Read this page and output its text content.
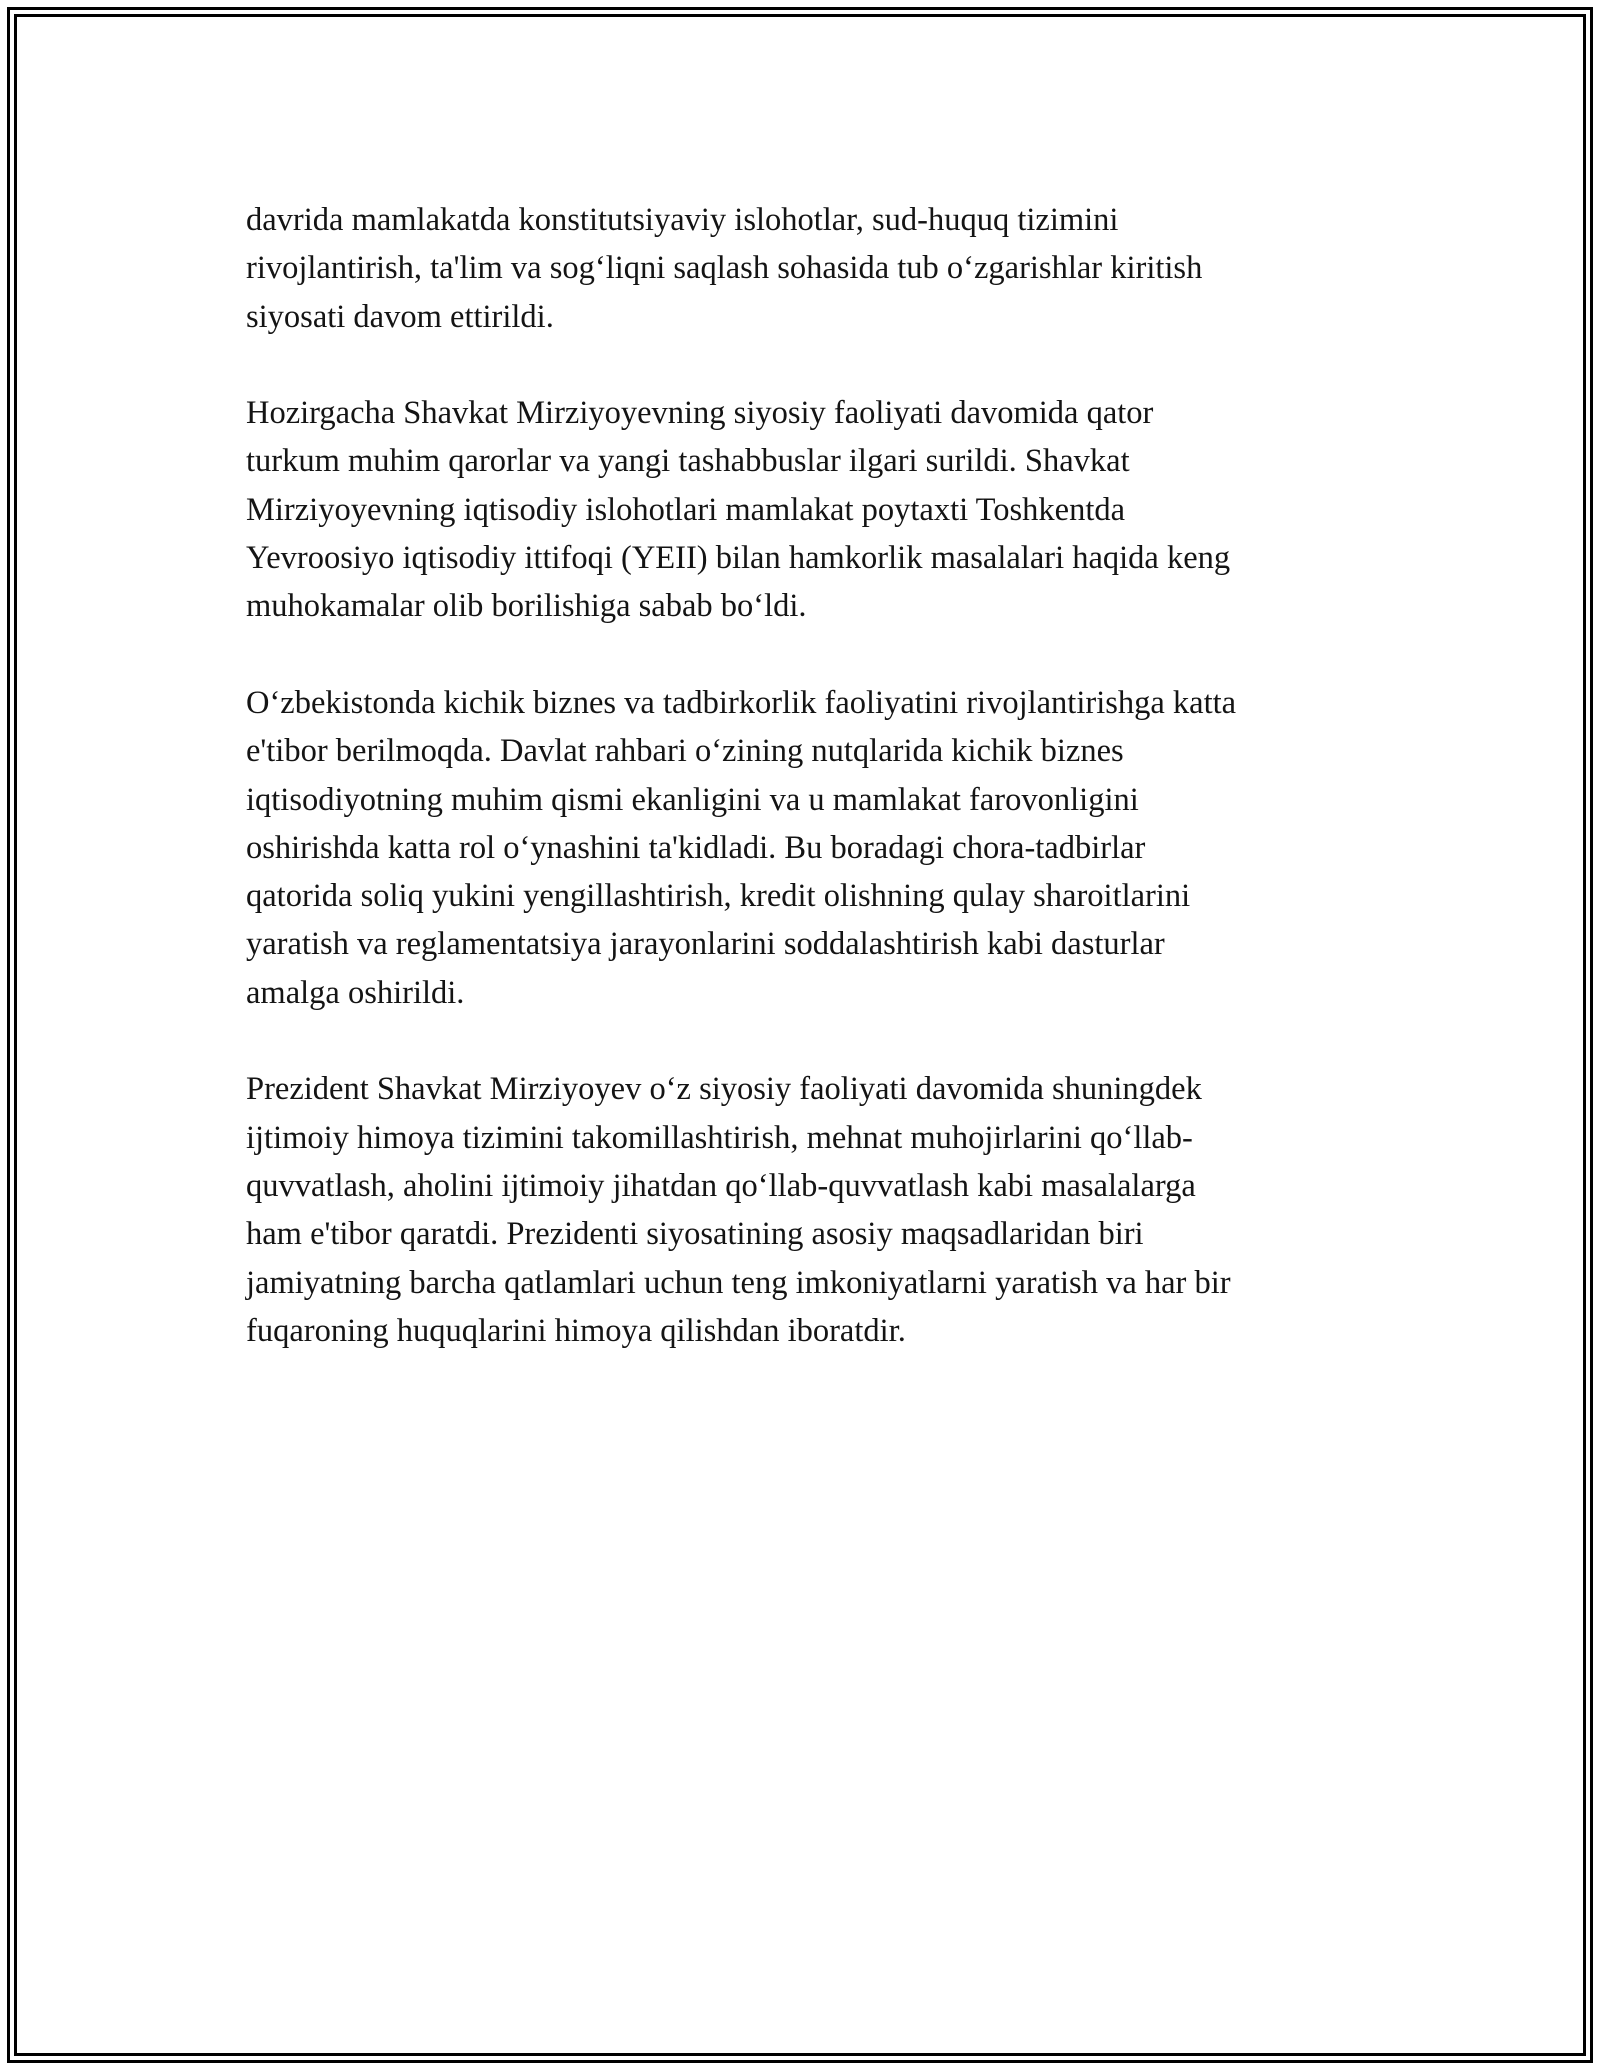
davrida mamlakatda konstitutsiyaviy islohotlar, sud-huquq tizimini
rivojlantirish, ta'lim va sog‘liqni saqlash sohasida tub o‘zgarishlar kiritish
siyosati davom ettirildi.

Hozirgacha Shavkat Mirziyoyevning siyosiy faoliyati davomida qator
turkum muhim qarorlar va yangi tashabbuslar ilgari surildi. Shavkat
Mirziyoyevning iqtisodiy islohotlari mamlakat poytaxti Toshkentda
Yevroosiyo iqtisodiy ittifoqi (YEII) bilan hamkorlik masalalari haqida keng
muhokamalar olib borilishiga sabab bo‘ldi.

O‘zbekistonda kichik biznes va tadbirkorlik faoliyatini rivojlantirishga katta
e'tibor berilmoqda. Davlat rahbari o‘zining nutqlarida kichik biznes
iqtisodiyotning muhim qismi ekanligini va u mamlakat farovonligini
oshirishda katta rol o‘ynashini ta'kidladi. Bu boradagi chora-tadbirlar
qatorida soliq yukini yengillashtirish, kredit olishning qulay sharoitlarini
yaratish va reglamentatsiya jarayonlarini soddalashtirish kabi dasturlar
amalga oshirildi.

Prezident Shavkat Mirziyoyev o‘z siyosiy faoliyati davomida shuningdek
ijtimoiy himoya tizimini takomillashtirish, mehnat muhojirlarini qo‘llab-
quvvatlash, aholini ijtimoiy jihatdan qo‘llab-quvvatlash kabi masalalarga
ham e'tibor qaratdi. Prezidenti siyosatining asosiy maqsadlaridan biri
jamiyatning barcha qatlamlari uchun teng imkoniyatlarni yaratish va har bir
fuqaroning huquqlarini himoya qilishdan iboratdir.
